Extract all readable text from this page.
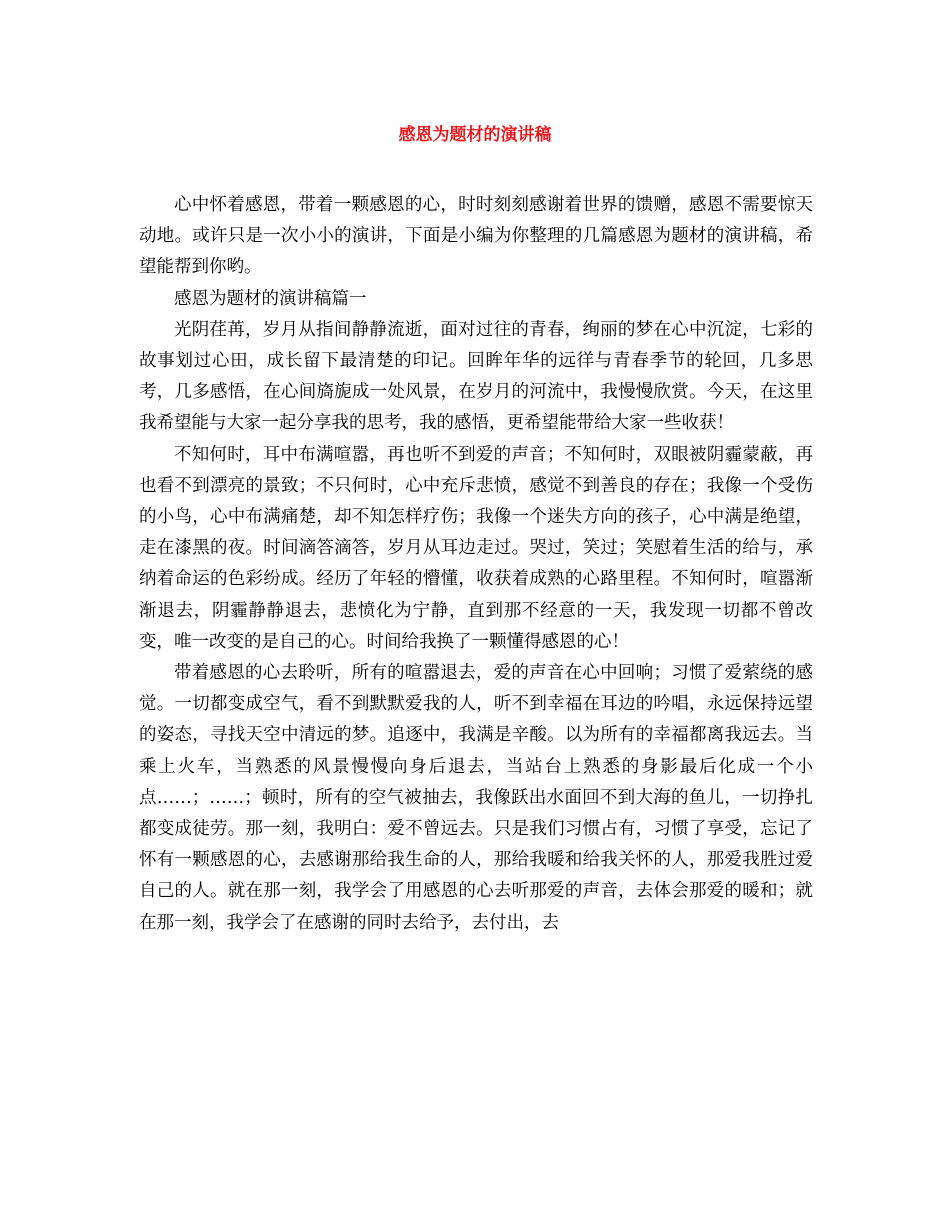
感恩为题材的演讲稿

心中怀着感恩，带着一颗感恩的心，时时刻刻感谢着世界的馈赠，感恩不需要惊天动地。或许只是一次小小的演讲，下面是小编为你整理的几篇感恩为题材的演讲稿，希望能帮到你哟。

感恩为题材的演讲稿篇一

光阴荏苒，岁月从指间静静流逝，面对过往的青春，绚丽的梦在心中沉淀，七彩的故事划过心田，成长留下最清楚的印记。回眸年华的远徉与青春季节的轮回，几多思考，几多感悟，在心间旖旎成一处风景，在岁月的河流中，我慢慢欣赏。今天，在这里我希望能与大家一起分享我的思考，我的感悟，更希望能带给大家一些收获！

不知何时，耳中布满喧嚣，再也听不到爱的声音；不知何时，双眼被阴霾蒙蔽，再也看不到漂亮的景致；不只何时，心中充斥悲愤，感觉不到善良的存在；我像一个受伤的小鸟，心中布满痛楚，却不知怎样疗伤；我像一个迷失方向的孩子，心中满是绝望，走在漆黑的夜。时间滴答滴答，岁月从耳边走过。哭过，笑过；笑慰着生活的给与，承纳着命运的色彩纷成。经历了年轻的懵懂，收获着成熟的心路里程。不知何时，喧嚣渐渐退去，阴霾静静退去，悲愤化为宁静，直到那不经意的一天，我发现一切都不曾改变，唯一改变的是自己的心。时间给我换了一颗懂得感恩的心！

带着感恩的心去聆听，所有的喧嚣退去，爱的声音在心中回响；习惯了爱萦绕的感觉。一切都变成空气，看不到默默爱我的人，听不到幸福在耳边的吟唱，永远保持远望的姿态，寻找天空中清远的梦。追逐中，我满是辛酸。以为所有的幸福都离我远去。当乘上火车，当熟悉的风景慢慢向身后退去，当站台上熟悉的身影最后化成一个小点……；……；顿时，所有的空气被抽去，我像跃出水面回不到大海的鱼儿，一切挣扎都变成徒劳。那一刻，我明白：爱不曾远去。只是我们习惯占有，习惯了享受，忘记了怀有一颗感恩的心，去感谢那给我生命的人，那给我暖和给我关怀的人，那爱我胜过爱自己的人。就在那一刻，我学会了用感恩的心去听那爱的声音，去体会那爱的暖和；就在那一刻，我学会了在感谢的同时去给予，去付出，去
